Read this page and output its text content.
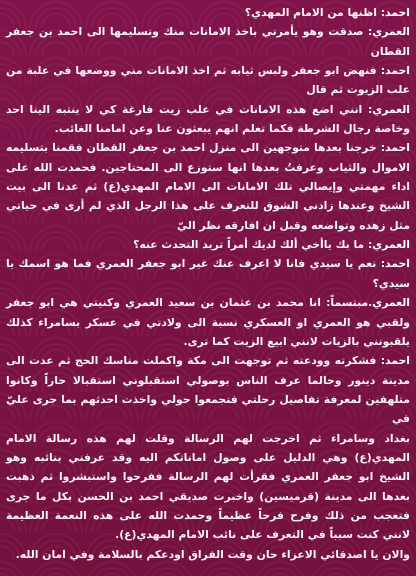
احمد: اظنها من الامام المهدي؟

العمري: صدقت وهو يأمرني باخذ الامانات منك وتسليمها الى احمد بن جعفر القطان

احمد: فنهض ابو جعفر ولبس ثيابه ثم اخذ الامانات مني ووضعها في علبة من علب الزيوت ثم قال

العمري: انني اضع هذه الامانات في علب زيت فارغة كي لا ينتبه الينا احد وخاصة رجال الشرطة فكما تعلم انهم يبعثون عنا وعن امامنا الغائب.

احمد: خرجنا بعدها متوجهين الى منزل احمد بن جعفر القطان فقمنا بتسليمه الاموال والثياب وعرفتُ بعدها انها ستوزع الى المحتاجين. فحمدت الله على اداء مهمتي وإيصالي تلك الامانات الى الامام المهدي(ع) ثم عدنا الى بيت الشيخ وعندها زادني الشوق للتعرف على هذا الرجل الذي لم أرى في حياتي مثل زهده وتواضعه وقبل ان افارقه نظر اليّ

العمري: ما بك ياأخي ألك لديك أمراً تريد التحدث عنه؟

احمد: نعم يا سيدي فانا لا اعرف عنك غير ابو جعفر العمري فما هو اسمك يا سيدي؟

العمري.مبتسماً: انا محمد بن عثمان بن سعيد العمري وكنيتي هي ابو جعفر ولقبي هو العمري او العسكري نسبة الى ولادتي في عسكر بسامراء كذلك يلقبونني بالزيات لانني ابيع الزيت كما ترى.

احمد: فشكرته وودعته ثم توجهت الى مكة واكملت مناسك الحج ثم عدت الى مدينة دينور وحالما عرف الناس بوصولي استقبلوني استقبالا حاراً وكانوا متلهفين لمعرفة تفاصيل رحلتي فتجمعوا حولي واخذت احدثهم بما جرى عليّ في

بغداد وسامراء ثم اخرجت لهم الرسالة وقلت لهم هذه رسالة الامام المهدي(ع) وهي الدليل على وصول اماناتكم اليه وقد عرفني بنائبه وهو الشيخ ابو جعفر العمري فقرأت لهم الرسالة ففرحوا واستبشروا ثم ذهبت بعدها الى مدينة (قرميسين) واخبرت صديقي احمد بن الحسن بكل ما جرى فتعجب من ذلك وفرح فرحاً عظيماً وحمدت الله على هذه النعمة العظيمة لانني كنت سبباً في التعرف على نائب الامام المهدي(ع).

والان يا اصدقائي الاعزاء حان وقت الفراق اودعكم بالسلامة وفي امان الله.
